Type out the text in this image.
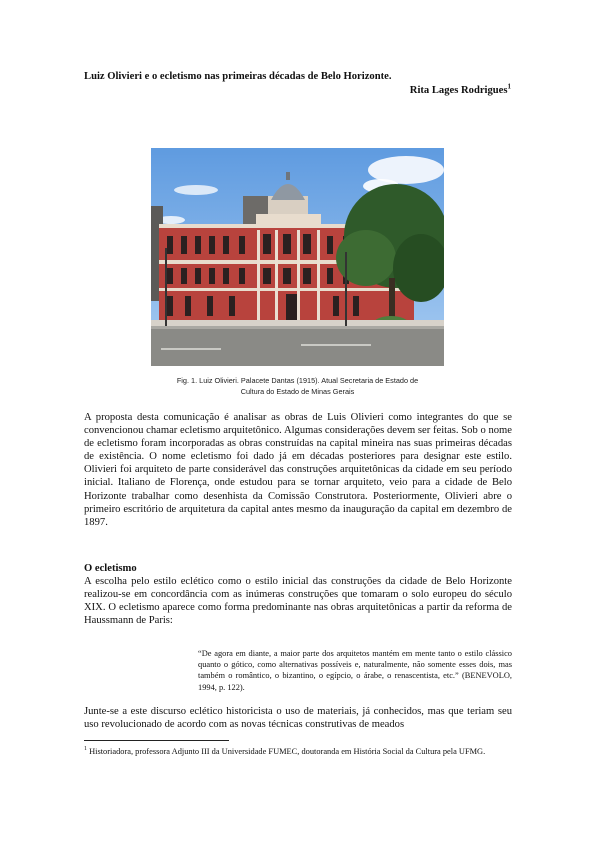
Luiz Olivieri e o ecletismo nas primeiras décadas de Belo Horizonte.
Rita Lages Rodrigues$^1$
Fig. 1. Luiz Olivieri. Palacete Dantas (1915). Atual Secretaria de Estado de
Cultura do Estado de Minas Gerais
A proposta desta comunicação é analisar as obras de Luis Olivieri como integrantes do que se convencionou chamar ecletismo arquitetônico. Algumas considerações devem ser feitas. Sob o nome de ecletismo foram incorporadas as obras construídas na capital mineira nas suas primeiras décadas de existência. O nome ecletismo foi dado já em décadas posteriores para designar este estilo. Olivieri foi arquiteto de parte considerável das construções arquitetônicas da cidade em seu período inicial. Italiano de Florença, onde estudou para se tornar arquiteto, veio para a cidade de Belo Horizonte trabalhar como desenhista da Comissão Construtora. Posteriormente, Olivieri abre o primeiro escritório de arquitetura da capital antes mesmo da inauguração da capital em dezembro de 1897.
O ecletismo
A escolha pelo estilo eclético como o estilo inicial das construções da cidade de Belo Horizonte realizou-se em concordância com as inúmeras construções que tomaram o solo europeu do século XIX. O ecletismo aparece como forma predominante nas obras arquitetônicas a partir da reforma de Haussmann de Paris:
“De agora em diante, a maior parte dos arquitetos mantém em mente tanto o estilo clássico quanto o gótico, como alternativas possíveis e, naturalmente, não somente esses dois, mas também o romântico, o bizantino, o egípcio, o árabe, o renascentista, etc.” (BENEVOLO, 1994, p. 122).
Junte-se a este discurso eclético historicista o uso de materiais, já conhecidos, mas que teriam seu uso revolucionado de acordo com as novas técnicas construtivas de meados
$^1$ Historiadora, professora Adjunto III da Universidade FUMEC, doutoranda em História Social da Cultura pela UFMG.
